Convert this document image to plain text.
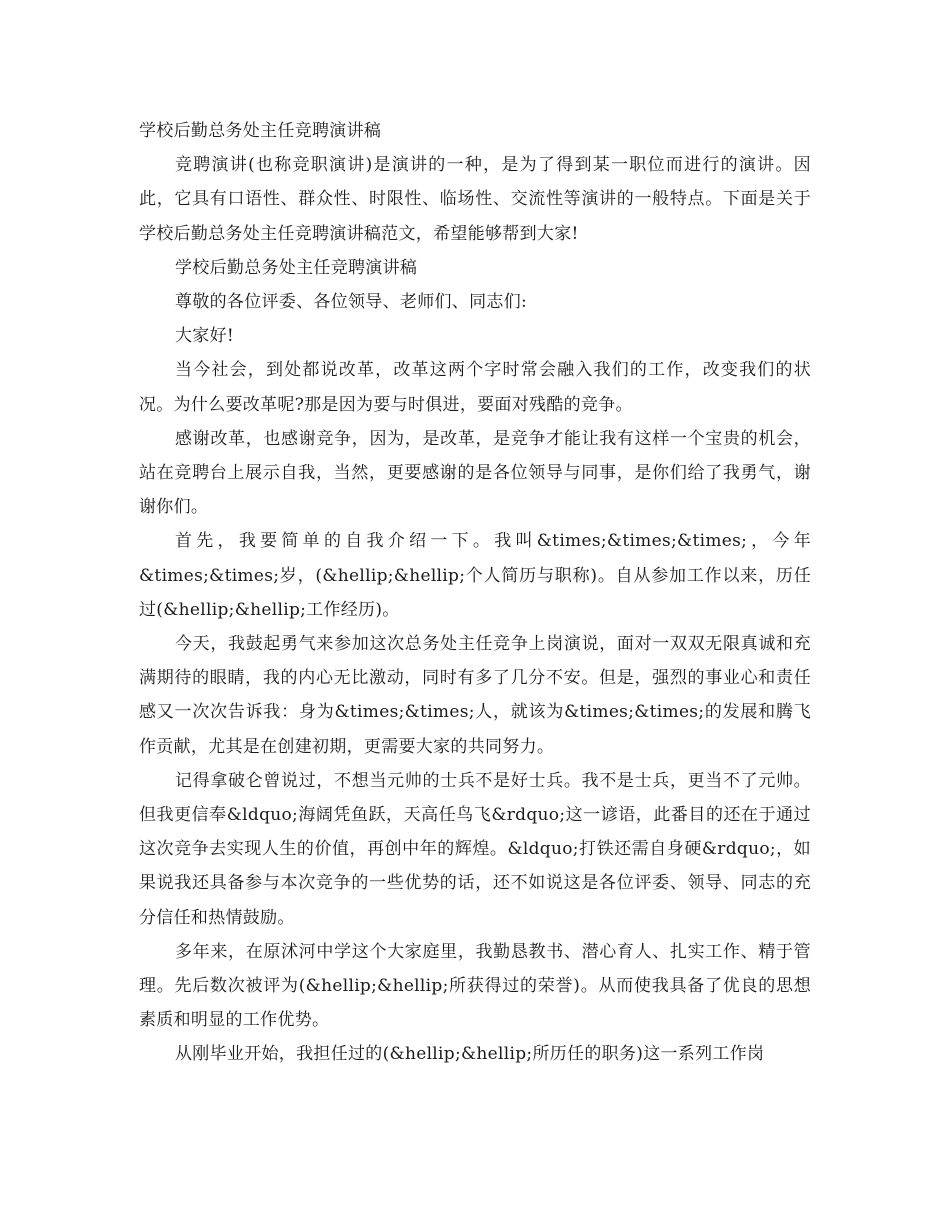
学校后勤总务处主任竞聘演讲稿

竞聘演讲(也称竞职演讲)是演讲的一种，是为了得到某一职位而进行的演讲。因此，它具有口语性、群众性、时限性、临场性、交流性等演讲的一般特点。下面是关于学校后勤总务处主任竞聘演讲稿范文，希望能够帮到大家!

学校后勤总务处主任竞聘演讲稿

尊敬的各位评委、各位领导、老师们、同志们:

大家好!

当今社会，到处都说改革，改革这两个字时常会融入我们的工作，改变我们的状况。为什么要改革呢?那是因为要与时俱进，要面对残酷的竞争。

感谢改革，也感谢竞争，因为，是改革，是竞争才能让我有这样一个宝贵的机会，站在竞聘台上展示自我，当然，更要感谢的是各位领导与同事，是你们给了我勇气，谢谢你们。

首先，我要简单的自我介绍一下。我叫&times;&times;&times;，今年&times;&times;岁，(&hellip;&hellip;个人简历与职称)。自从参加工作以来，历任过(&hellip;&hellip;工作经历)。

今天，我鼓起勇气来参加这次总务处主任竞争上岗演说，面对一双双无限真诚和充满期待的眼睛，我的内心无比激动，同时有多了几分不安。但是，强烈的事业心和责任感又一次次告诉我：身为&times;&times;人，就该为&times;&times;的发展和腾飞作贡献，尤其是在创建初期，更需要大家的共同努力。

记得拿破仑曾说过，不想当元帅的士兵不是好士兵。我不是士兵，更当不了元帅。但我更信奉&ldquo;海阔凭鱼跃，天高任鸟飞&rdquo;这一谚语，此番目的还在于通过这次竞争去实现人生的价值，再创中年的辉煌。&ldquo;打铁还需自身硬&rdquo;，如果说我还具备参与本次竞争的一些优势的话，还不如说这是各位评委、领导、同志的充分信任和热情鼓励。

多年来，在原沭河中学这个大家庭里，我勤恳教书、潜心育人、扎实工作、精于管理。先后数次被评为(&hellip;&hellip;所获得过的荣誉)。从而使我具备了优良的思想素质和明显的工作优势。

从刚毕业开始，我担任过的(&hellip;&hellip;所历任的职务)这一系列工作岗
